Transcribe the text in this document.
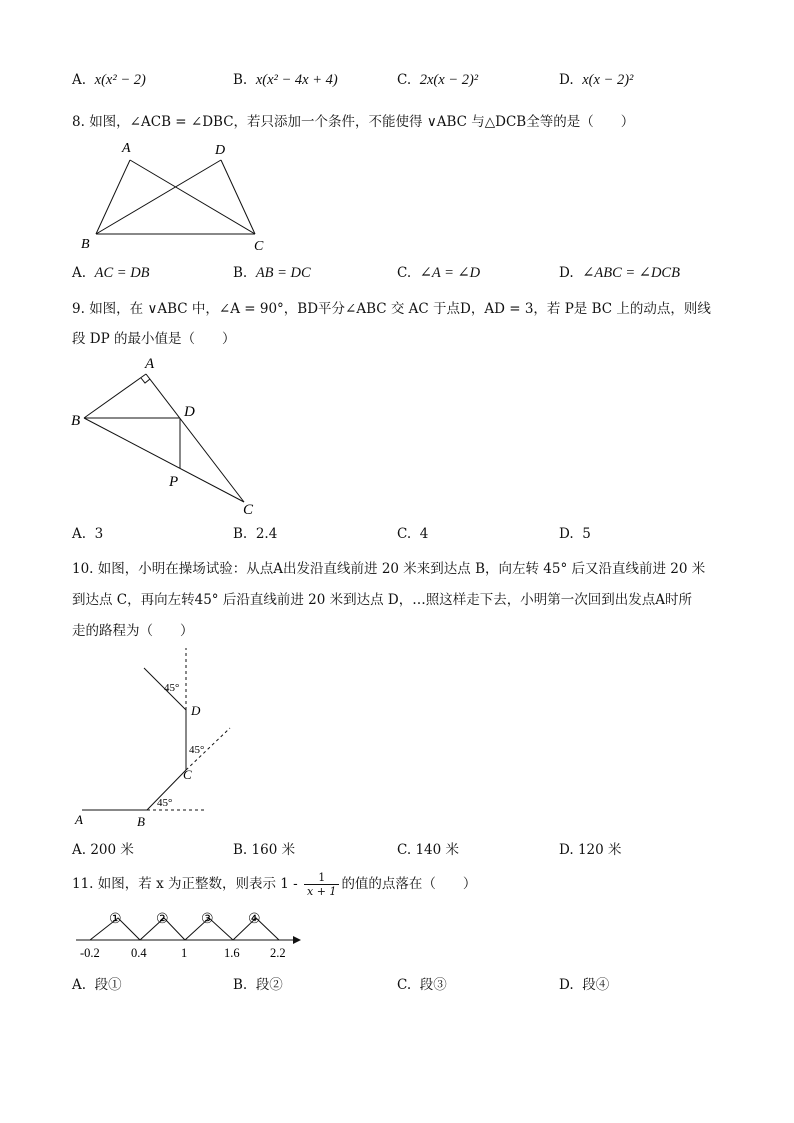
A. x(x² − 2)	B. x(x² − 4x + 4)	C. 2x(x − 2)²	D. x(x − 2)²
8. 如图，∠ACB = ∠DBC，若只添加一个条件，不能使得 ∨ABC 与△DCB全等的是（　　）
A	D
B	C
A. AC = DB	B. AB = DC	C. ∠A = ∠D	D. ∠ABC = ∠DCB
9. 如图，在 ∨ABC 中，∠A = 90°，BD平分∠ABC 交 AC 于点D，AD = 3，若 P是 BC 上的动点，则线
段 DP 的最小值是（　　）
A
B
D
P
C
A. 3	B. 2.4	C. 4	D. 5
10. 如图，小明在操场试验：从点A出发沿直线前进 20 米来到达点 B，向左转 45° 后又沿直线前进 20 米
到达点 C，再向左转45° 后沿直线前进 20 米到达点 D，…照这样走下去，小明第一次回到出发点A时所
走的路程为（　　）
A	B
C
D
45°
45°
45°
A. 200 米	B. 160 米	C. 140 米	D. 120 米
11. 如图，若 x 为正整数，则表示 $1 - \frac{1}{x + 1}$ 的值的点落在（　　）
① ② ③ ④
-0.2 0.4	1	1.6 2.2
A. 段①	B. 段②	C. 段③	D. 段④
